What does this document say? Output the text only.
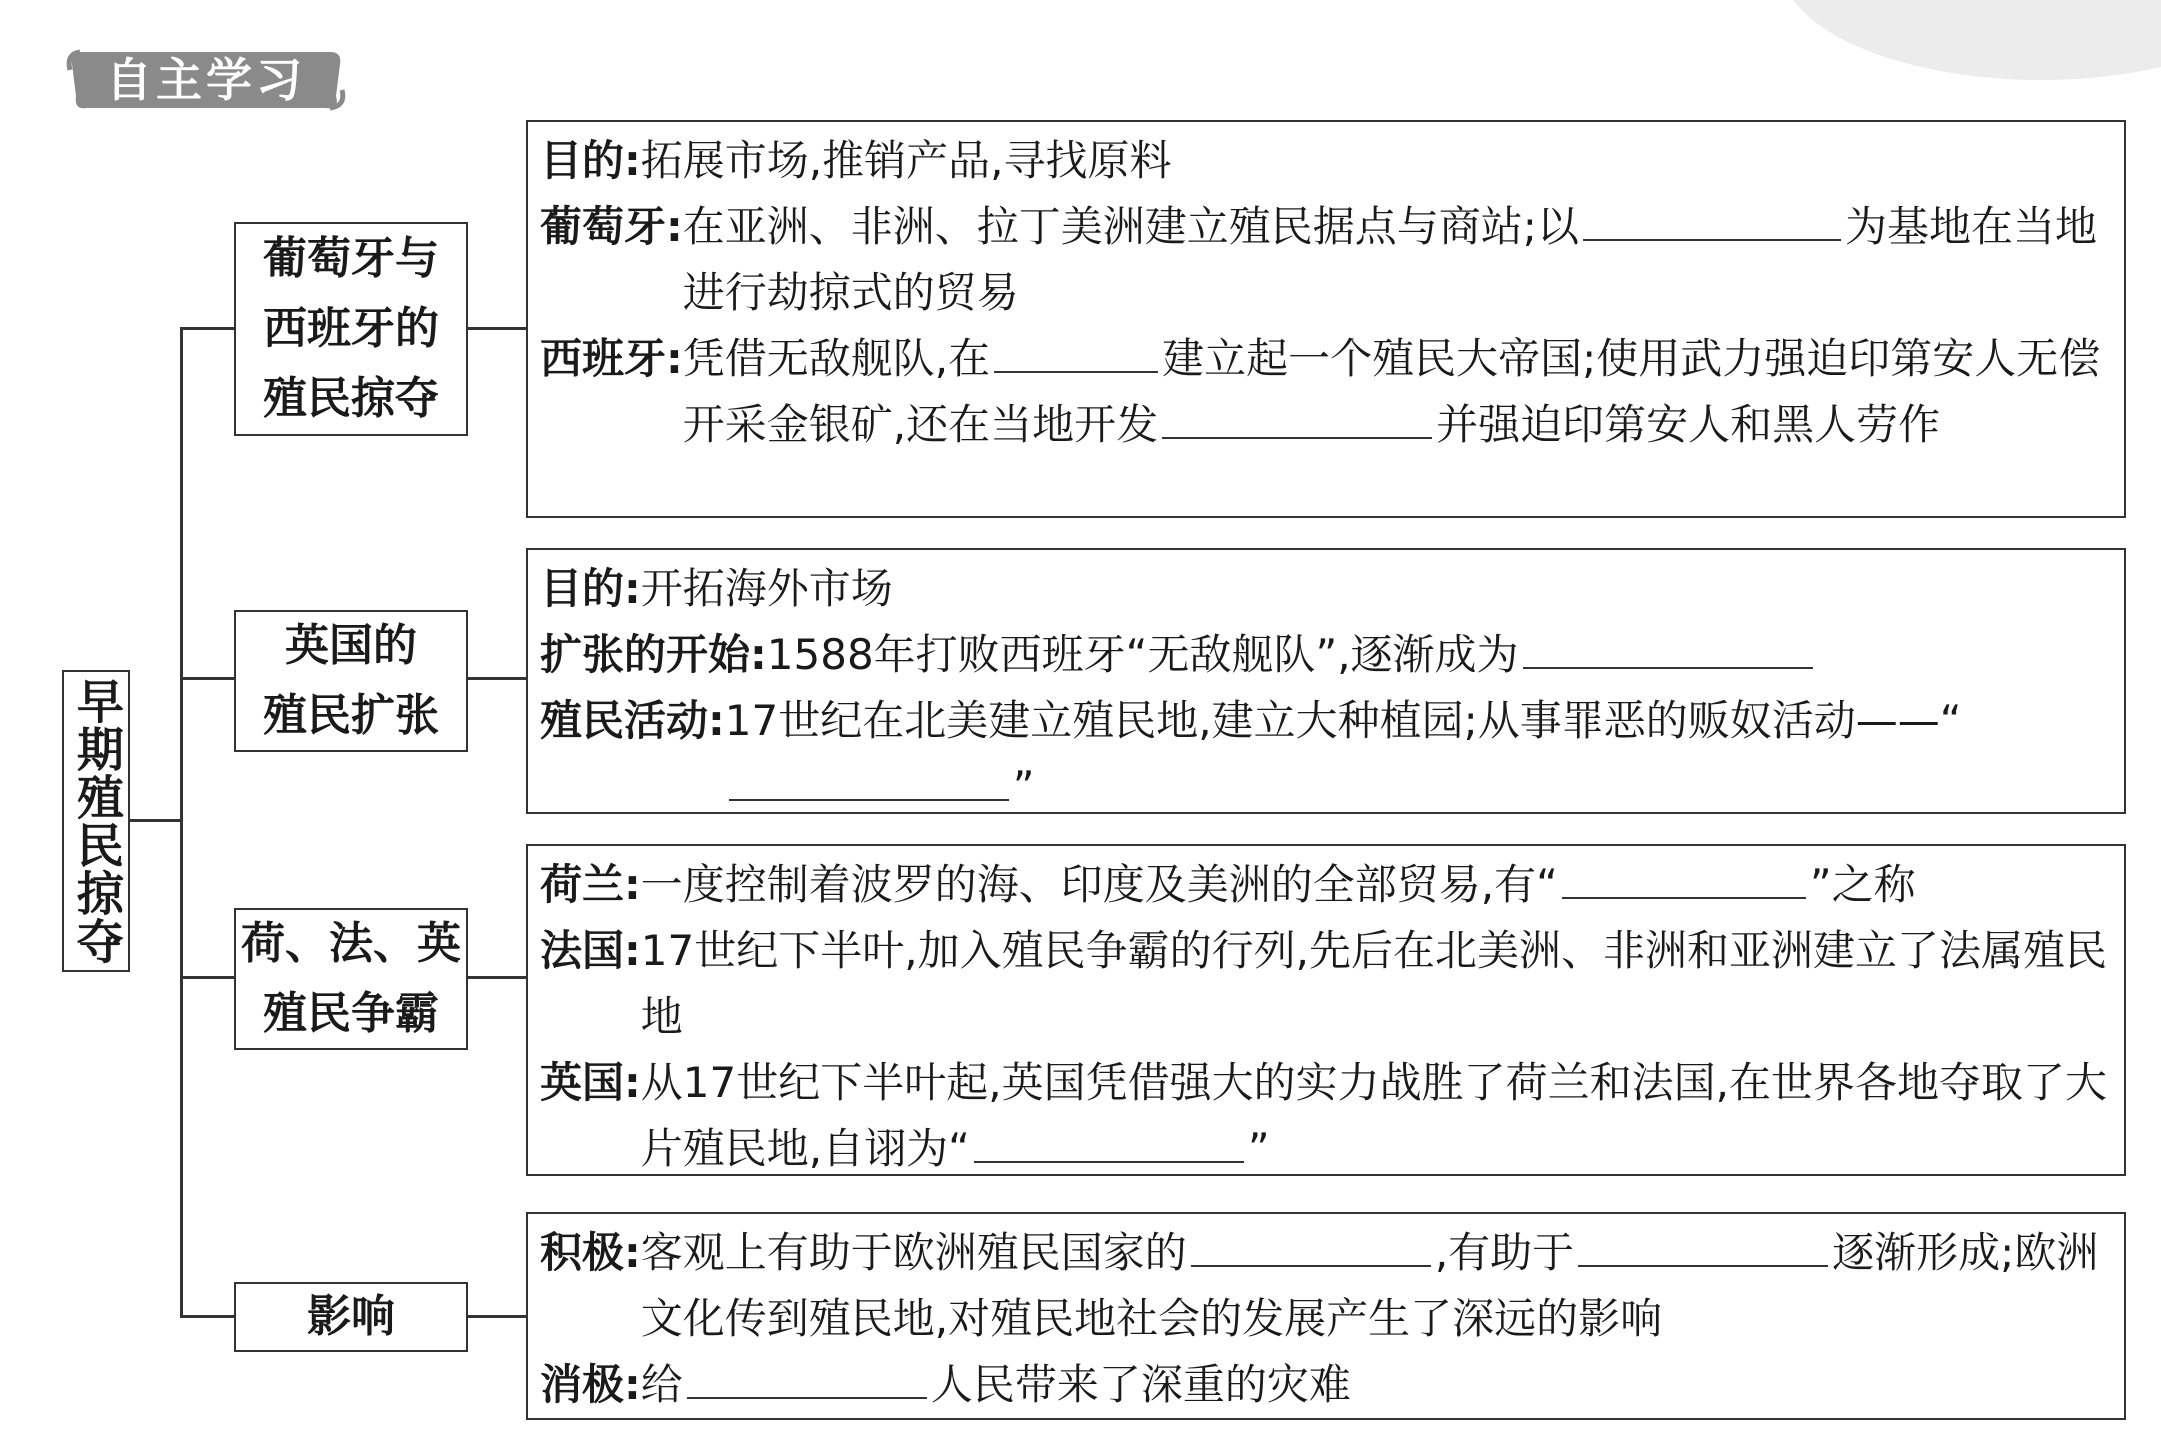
自主学习
早期殖民掠夺
葡萄牙与
西班牙的
殖民掠夺
英国的
殖民扩张
荷、法、英
殖民争霸
影响
目的: 拓展市场,推销产品,寻找原料
葡萄牙: 在亚洲、非洲、拉丁美洲建立殖民据点与商站;以	为基地在当地进行劫掠式的贸易
西班牙: 凭借无敌舰队,在	建立起一个殖民大帝国;使用武力强迫印第安人无偿开采金银矿,还在当地开发	并强迫印第安人和黑人劳作
目的: 开拓海外市场
扩张的开始: 1588年打败西班牙“无敌舰队”,逐渐成为
殖民活动: 17世纪在北美建立殖民地,建立大种植园;从事罪恶的贩奴活动——“”
荷兰: 一度控制着波罗的海、印度及美洲的全部贸易,有“	”之称
法国: 17世纪下半叶,加入殖民争霸的行列,先后在北美洲、非洲和亚洲建立了法属殖民地
英国: 从17世纪下半叶起,英国凭借强大的实力战胜了荷兰和法国,在世界各地夺取了大片殖民地,自诩为“	”
积极: 客观上有助于欧洲殖民国家的	,有助于	逐渐形成;欧洲文化传到殖民地,对殖民地社会的发展产生了深远的影响
消极: 给	人民带来了深重的灾难
